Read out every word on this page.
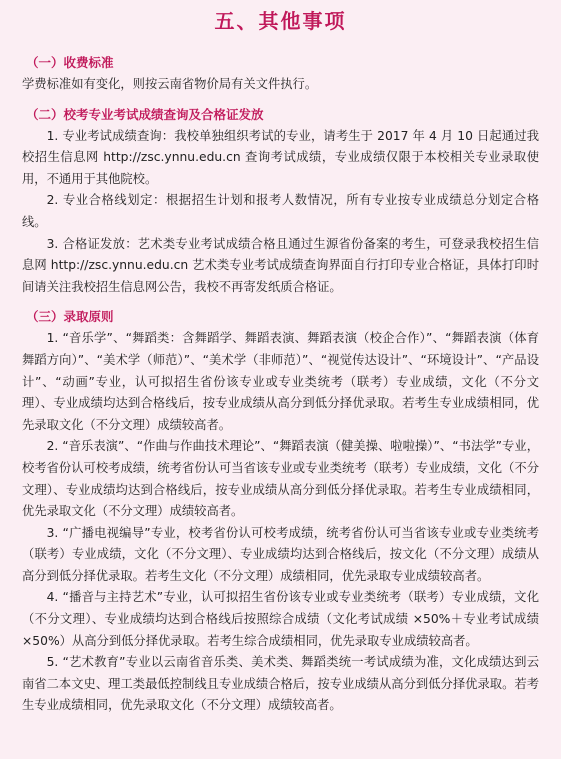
五、其他事项
（一）收费标准

学费标准如有变化，则按云南省物价局有关文件执行。

（二）校考专业考试成绩查询及合格证发放

1. 专业考试成绩查询：我校单独组织考试的专业，请考生于 2017 年 4 月 10 日起通过我校招生信息网 http://zsc.ynnu.edu.cn 查询考试成绩，专业成绩仅限于本校相关专业录取使用，不通用于其他院校。

2. 专业合格线划定：根据招生计划和报考人数情况，所有专业按专业成绩总分划定合格线。

3. 合格证发放：艺术类专业考试成绩合格且通过生源省份备案的考生，可登录我校招生信息网 http://zsc.ynnu.edu.cn 艺术类专业考试成绩查询界面自行打印专业合格证，具体打印时间请关注我校招生信息网公告，我校不再寄发纸质合格证。

（三）录取原则

1. “音乐学”、“舞蹈类：含舞蹈学、舞蹈表演、舞蹈表演（校企合作）”、“舞蹈表演（体育舞蹈方向）”、“美术学（师范）”、“美术学（非师范）”、“视觉传达设计”、“环境设计”、“产品设计”、“动画”专业，认可拟招生省份该专业或专业类统考（联考）专业成绩，文化（不分文理）、专业成绩均达到合格线后，按专业成绩从高分到低分择优录取。若考生专业成绩相同，优先录取文化（不分文理）成绩较高者。

2. “音乐表演”、“作曲与作曲技术理论”、“舞蹈表演（健美操、啦啦操）”、“书法学”专业，校考省份认可校考成绩，统考省份认可当省该专业或专业类统考（联考）专业成绩，文化（不分文理）、专业成绩均达到合格线后，按专业成绩从高分到低分择优录取。若考生专业成绩相同，优先录取文化（不分文理）成绩较高者。

3. “广播电视编导”专业，校考省份认可校考成绩，统考省份认可当省该专业或专业类统考（联考）专业成绩，文化（不分文理）、专业成绩均达到合格线后，按文化（不分文理）成绩从高分到低分择优录取。若考生文化（不分文理）成绩相同，优先录取专业成绩较高者。

4. “播音与主持艺术”专业，认可拟招生省份该专业或专业类统考（联考）专业成绩，文化（不分文理）、专业成绩均达到合格线后按照综合成绩（文化考试成绩 ×50%＋专业考试成绩 ×50%）从高分到低分择优录取。若考生综合成绩相同，优先录取专业成绩较高者。

5. “艺术教育”专业以云南省音乐类、美术类、舞蹈类统一考试成绩为准，文化成绩达到云南省二本文史、理工类最低控制线且专业成绩合格后，按专业成绩从高分到低分择优录取。若考生专业成绩相同，优先录取文化（不分文理）成绩较高者。
